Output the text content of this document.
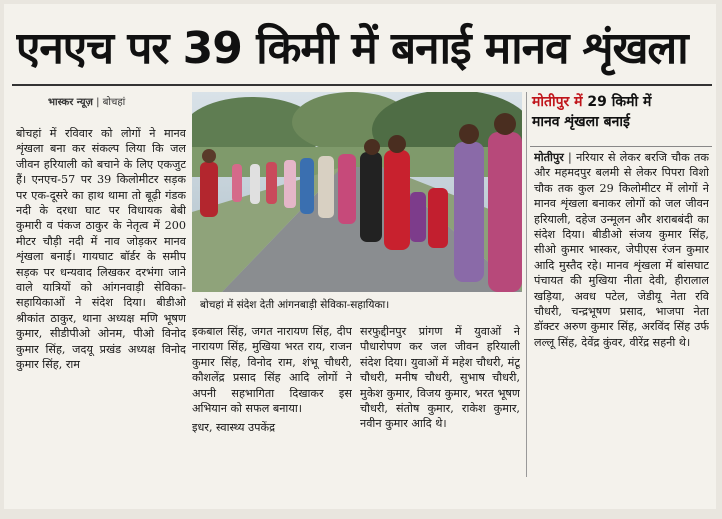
एनएच पर 39 किमी में बनाई मानव शृंखला
भास्कर न्यूज़ | बोचहां

बोचहां में रविवार को लोगों ने मानव शृंखला बना कर संकल्प लिया कि जल जीवन हरियाली को बचाने के लिए एकजुट हैं। एनएच-57 पर 39 किलोमीटर सड़क पर एक-दूसरे का हाथ थामा तो बूढ़ी गंडक नदी के दरधा घाट पर विधायक बेबी कुमारी व पंकज ठाकुर के नेतृत्व में 200 मीटर चौड़ी नदी में नाव जोड़कर मानव शृंखला बनाई। गायघाट बॉर्डर के समीप सड़क पर धन्यवाद लिखकर दरभंगा जाने वाले यात्रियों को आंगनवाड़ी सेविका-सहायिकाओं ने संदेश दिया। बीडीओ श्रीकांत ठाकुर, थाना अध्यक्ष मणि भूषण कुमार, सीडीपीओ ओनम, पीओ विनोद कुमार सिंह, जदयू प्रखंड अध्यक्ष विनोद कुमार सिंह, राम

बोचहां में संदेश देती आंगनबाड़ी सेविका-सहायिका।

इकबाल सिंह, जगत नारायण सिंह, दीप नारायण सिंह, मुखिया भरत राय, राजन कुमार सिंह, विनोद राम, शंभू चौधरी, कौशलेंद्र प्रसाद सिंह आदि लोगों ने अपनी सहभागिता दिखाकर इस अभियान को सफल बनाया।

इधर, स्वास्थ्य उपकेंद्र

सरफुद्दीनपुर प्रांगण में युवाओं ने पौधारोपण कर जल जीवन हरियाली संदेश दिया। युवाओं में महेश चौधरी, मंटू चौधरी, मनीष चौधरी, सुभाष चौधरी, मुकेश कुमार, विजय कुमार, भरत भूषण चौधरी, संतोष कुमार, राकेश कुमार, नवीन कुमार आदि थे।

मोतीपुर में 29 किमी में
मानव शृंखला बनाई

मोतीपुर | नरियार से लेकर बरजि चौक तक और महमदपुर बलमी से लेकर पिपरा विशो चौक तक कुल 29 किलोमीटर में लोगों ने मानव शृंखला बनाकर लोगों को जल जीवन हरियाली, दहेज उन्मूलन और शराबबंदी का संदेश दिया। बीडीओ संजय कुमार सिंह, सीओ कुमार भास्कर, जेपीएस रंजन कुमार आदि मुस्तैद रहे। मानव शृंखला में बांसघाट पंचायत की मुखिया नीता देवी, हीरालाल खड़िया, अवध पटेल, जेडीयू नेता रवि चौधरी, चन्द्रभूषण प्रसाद, भाजपा नेता डॉक्टर अरुण कुमार सिंह, अरविंद सिंह उर्फ लल्लू सिंह, देवेंद्र कुंवर, वीरेंद्र सहनी थे।
